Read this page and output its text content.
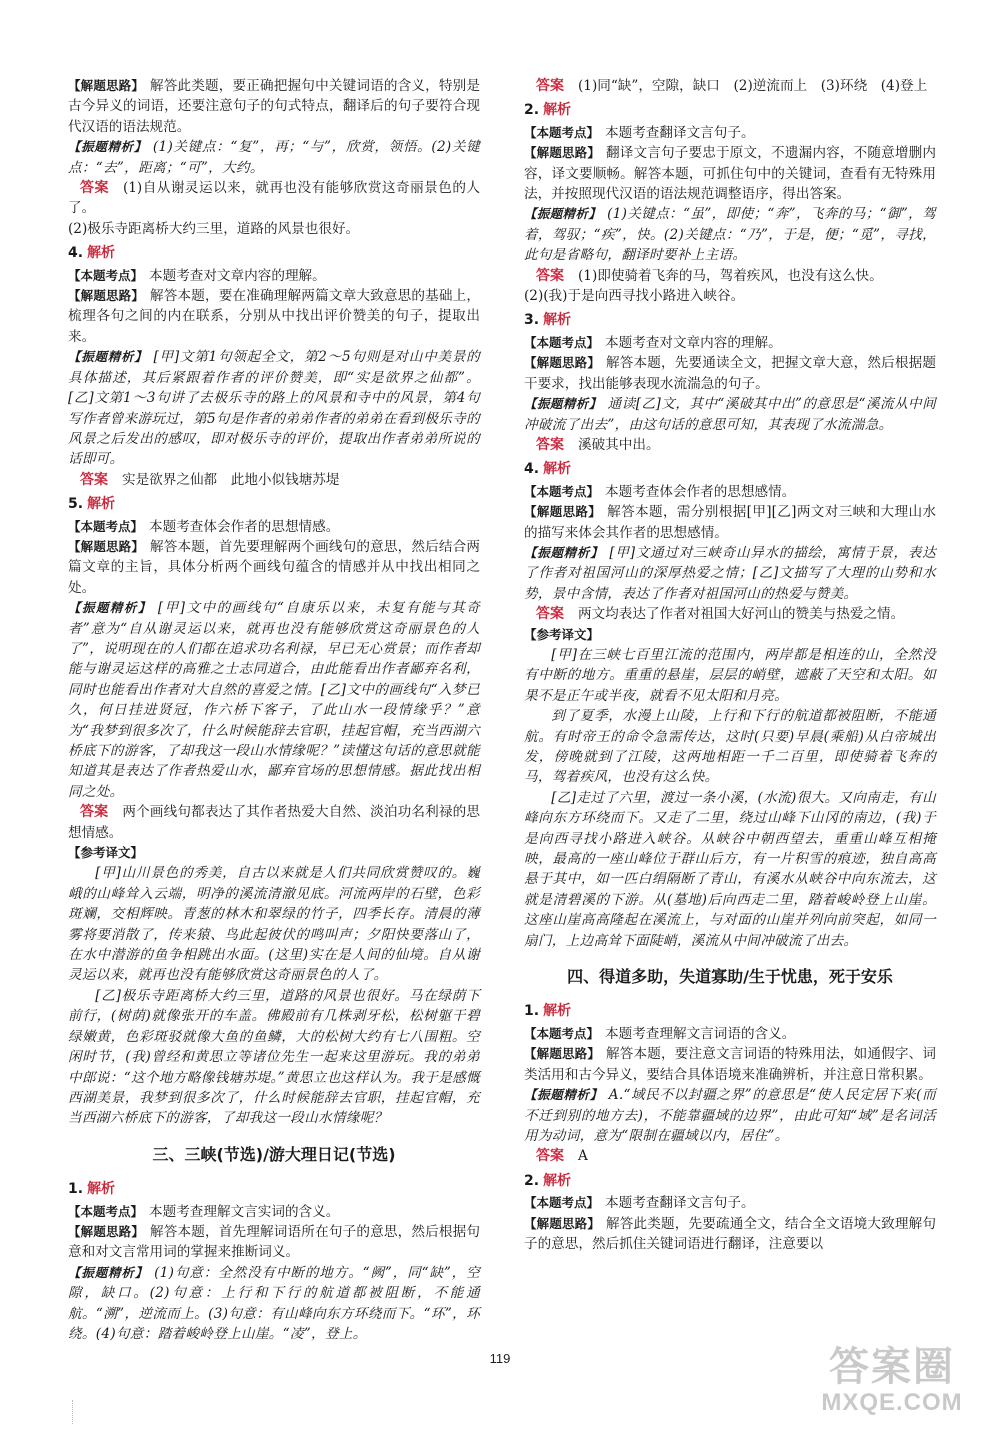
【解题思路】 解答此类题，要正确把握句中关键词语的含义，特别是古今异义的词语，还要注意句子的句式特点，翻译后的句子要符合现代汉语的语法规范。

【振题精析】 (1)关键点：“复”，再；“与”，欣赏，领悟。(2)关键点：“去”，距离；“可”，大约。

答案 (1)自从谢灵运以来，就再也没有能够欣赏这奇丽景色的人了。

(2)极乐寺距离桥大约三里，道路的风景也很好。

4. 解析

【本题考点】 本题考查对文章内容的理解。

【解题思路】 解答本题，要在准确理解两篇文章大致意思的基础上，梳理各句之间的内在联系，分别从中找出评价赞美的句子，提取出来。

【振题精析】 [甲]文第1句领起全文，第2～5句则是对山中美景的具体描述，其后紧跟着作者的评价赞美，即“实是欲界之仙都”。[乙]文第1～3句讲了去极乐寺的路上的风景和寺中的风景，第4句写作者曾来游玩过，第5句是作者的弟弟作者的弟弟在看到极乐寺的风景之后发出的感叹，即对极乐寺的评价，提取出作者弟弟所说的话即可。

答案 实是欲界之仙都　此地小似钱塘苏堤

5. 解析

【本题考点】 本题考查体会作者的思想情感。

【解题思路】 解答本题，首先要理解两个画线句的意思，然后结合两篇文章的主旨，具体分析两个画线句蕴含的情感并从中找出相同之处。

【振题精析】 [甲]文中的画线句“自康乐以来，未复有能与其奇者”意为“自从谢灵运以来，就再也没有能够欣赏这奇丽景色的人了”，说明现在的人们都在追求功名利禄，早已无心赏景；而作者却能与谢灵运这样的高雅之士志同道合，由此能看出作者鄙弃名利，同时也能看出作者对大自然的喜爱之情。[乙]文中的画线句“入梦已久，何日挂进贤冠，作六桥下客子，了此山水一段情缘乎？”意为“我梦到很多次了，什么时候能辞去官职，挂起官帽，充当西湖六桥底下的游客，了却我这一段山水情缘呢？”读懂这句话的意思就能知道其是表达了作者热爱山水，鄙弃官场的思想情感。据此找出相同之处。

答案 两个画线句都表达了其作者热爱大自然、淡泊功名利禄的思想情感。

【参考译文】

[甲]山川景色的秀美，自古以来就是人们共同欣赏赞叹的。巍峨的山峰耸入云端，明净的溪流清澈见底。河流两岸的石壁，色彩斑斓，交相辉映。青葱的林木和翠绿的竹子，四季长存。清晨的薄雾将要消散了，传来猿、鸟此起彼伏的鸣叫声；夕阳快要落山了，在水中潜游的鱼争相跳出水面。(这里)实在是人间的仙境。自从谢灵运以来，就再也没有能够欣赏这奇丽景色的人了。

[乙]极乐寺距离桥大约三里，道路的风景也很好。马在绿荫下前行，(树荫)就像张开的车盖。佛殿前有几株剥牙松，松树躯干碧绿嫩黄，色彩斑驳就像大鱼的鱼鳞，大的松树大约有七八围粗。空闲时节，(我)曾经和黄思立等诸位先生一起来这里游玩。我的弟弟中郎说：“这个地方略像钱塘苏堤。”黄思立也这样认为。我于是感慨西湖美景，我梦到很多次了，什么时候能辞去官职，挂起官帽，充当西湖六桥底下的游客，了却我这一段山水情缘呢？

三、三峡(节选)/游大理日记(节选)
1. 解析

【本题考点】 本题考查理解文言实词的含义。

【解题思路】 解答本题，首先理解词语所在句子的意思，然后根据句意和对文言常用词的掌握来推断词义。

【振题精析】 (1)句意：全然没有中断的地方。“阙”，同“缺”，空隙，缺口。(2)句意：上行和下行的航道都被阻断，不能通航。“溯”，逆流而上。(3)句意：有山峰向东方环绕而下。“环”，环绕。(4)句意：踏着峻岭登上山崖。“凌”，登上。

答案 (1)同“缺”，空隙，缺口　(2)逆流而上　(3)环绕　(4)登上

2. 解析

【本题考点】 本题考查翻译文言句子。

【解题思路】 翻译文言句子要忠于原文，不遗漏内容，不随意增删内容，译文要顺畅。解答本题，可抓住句中的关键词，查看有无特殊用法，并按照现代汉语的语法规范调整语序，得出答案。

【振题精析】 (1)关键点：“虽”，即使；“奔”，飞奔的马；“御”，驾着，驾驭；“疾”，快。(2)关键点：“乃”，于是，便；“觅”，寻找，此句是省略句，翻译时要补上主语。

答案 (1)即使骑着飞奔的马，驾着疾风，也没有这么快。

(2)(我)于是向西寻找小路进入峡谷。

3. 解析

【本题考点】 本题考查对文章内容的理解。

【解题思路】 解答本题，先要通读全文，把握文章大意，然后根据题干要求，找出能够表现水流湍急的句子。

【振题精析】 通读[乙]文，其中“溪破其中出”的意思是“溪流从中间冲破流了出去”，由这句话的意思可知，其表现了水流湍急。

答案 溪破其中出。

4. 解析

【本题考点】 本题考查体会作者的思想感情。

【解题思路】 解答本题，需分别根据[甲][乙]两文对三峡和大理山水的描写来体会其作者的思想感情。

【振题精析】 [甲]文通过对三峡奇山异水的描绘，寓情于景，表达了作者对祖国河山的深厚热爱之情；[乙]文描写了大理的山势和水势，景中含情，表达了作者对祖国河山的热爱与赞美。

答案 两文均表达了作者对祖国大好河山的赞美与热爱之情。

【参考译文】

[甲]在三峡七百里江流的范围内，两岸都是相连的山，全然没有中断的地方。重重的悬崖，层层的峭壁，遮蔽了天空和太阳。如果不是正午或半夜，就看不见太阳和月亮。

到了夏季，水漫上山陵，上行和下行的航道都被阻断，不能通航。有时帝王的命令急需传达，这时(只要)早晨(乘船)从白帝城出发，傍晚就到了江陵，这两地相距一千二百里，即使骑着飞奔的马，驾着疾风，也没有这么快。

[乙]走过了六里，渡过一条小溪，(水流)很大。又向南走，有山峰向东方环绕而下。又走了二里，绕过山峰下山冈的南边，(我)于是向西寻找小路进入峡谷。从峡谷中朝西望去，重重山峰互相掩映，最高的一座山峰位于群山后方，有一片积雪的痕迹，独自高高悬于其中，如一匹白绢隔断了青山，有溪水从峡谷中向东流去，这就是清碧溪的下游。从(墓地)后向西走二里，踏着峻岭登上山崖。这座山崖高高隆起在溪流上，与对面的山崖并列向前突起，如同一扇门，上边高耸下面陡峭，溪流从中间冲破流了出去。

四、得道多助，失道寡助/生于忧患，死于安乐
1. 解析

【本题考点】 本题考查理解文言词语的含义。

【解题思路】 解答本题，要注意文言词语的特殊用法，如通假字、词类活用和古今异义，要结合具体语境来准确辨析，并注意日常积累。

【振题精析】 A.“域民不以封疆之界”的意思是“使人民定居下来(而不迁到别的地方去)，不能靠疆域的边界”，由此可知“域”是名词活用为动词，意为“限制在疆域以内，居住”。

答案 A

2. 解析

【本题考点】 本题考查翻译文言句子。

【解题思路】 解答此类题，先要疏通全文，结合全文语境大致理解句子的意思，然后抓住关键词语进行翻译，注意要以

119	答案圈
MXQE.COM
